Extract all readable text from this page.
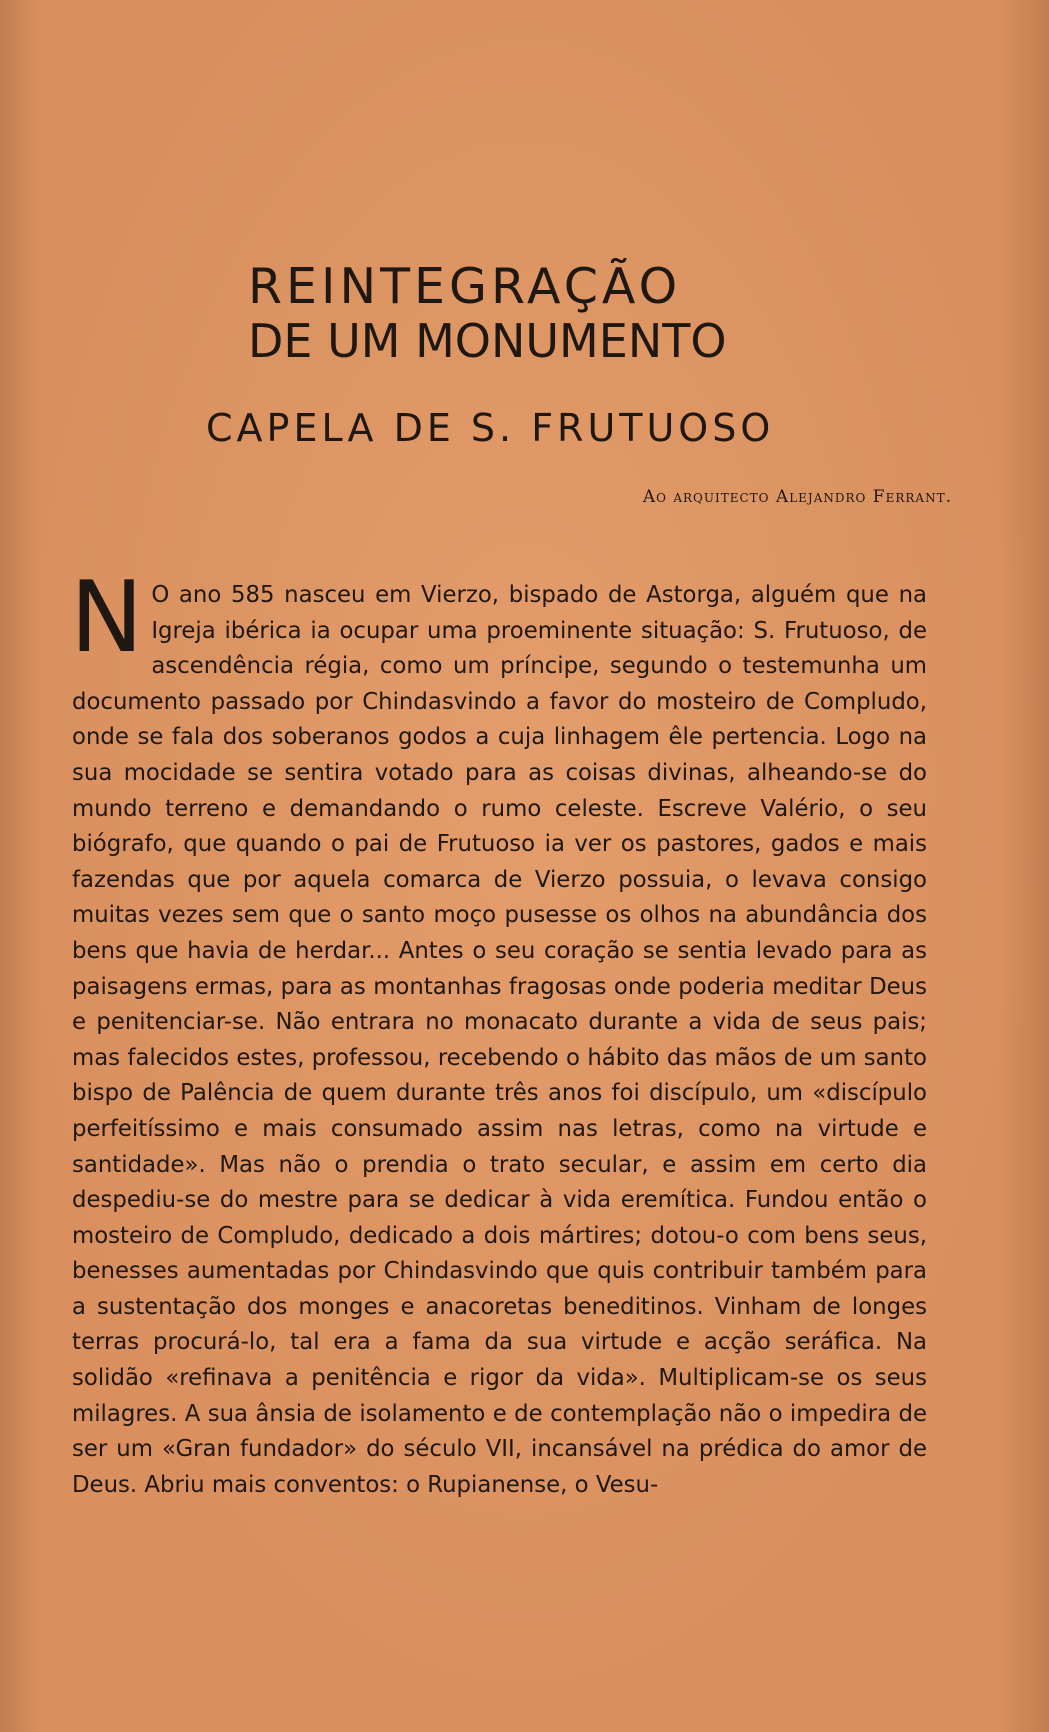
REINTEGRAÇÃO
DE UM MONUMENTO
CAPELA DE S. FRUTUOSO
Ao arquitecto Alejandro Ferrant.
N O ano 585 nasceu em Vierzo, bispado de Astorga, alguém que na Igreja ibérica ia ocupar uma proeminente situação: S. Frutuoso, de ascendência régia, como um príncipe, segundo o testemunha um documento passado por Chindasvindo a favor do mosteiro de Compludo, onde se fala dos soberanos godos a cuja linhagem êle pertencia. Logo na sua mocidade se sentira votado para as coisas divinas, alheando-se do mundo terreno e demandando o rumo celeste. Escreve Valério, o seu biógrafo, que quando o pai de Frutuoso ia ver os pastores, gados e mais fazendas que por aquela comarca de Vierzo possuia, o levava consigo muitas vezes sem que o santo moço pusesse os olhos na abundância dos bens que havia de herdar... Antes o seu coração se sentia levado para as paisagens ermas, para as montanhas fragosas onde poderia meditar Deus e penitenciar-se. Não entrara no monacato durante a vida de seus pais; mas falecidos estes, professou, recebendo o hábito das mãos de um santo bispo de Palência de quem durante três anos foi discípulo, um «discípulo perfeitíssimo e mais consumado assim nas letras, como na virtude e santidade». Mas não o prendia o trato secular, e assim em certo dia despediu-se do mestre para se dedicar à vida eremítica. Fundou então o mosteiro de Compludo, dedicado a dois mártires; dotou-o com bens seus, benesses aumentadas por Chindasvindo que quis contribuir também para a sustentação dos monges e anacoretas beneditinos. Vinham de longes terras procurá-lo, tal era a fama da sua virtude e acção seráfica. Na solidão «refinava a penitência e rigor da vida». Multiplicam-se os seus milagres. A sua ânsia de isolamento e de contemplação não o impedira de ser um «Gran fundador» do século VII, incansável na prédica do amor de Deus. Abriu mais conventos: o Rupianense, o Vesu-
